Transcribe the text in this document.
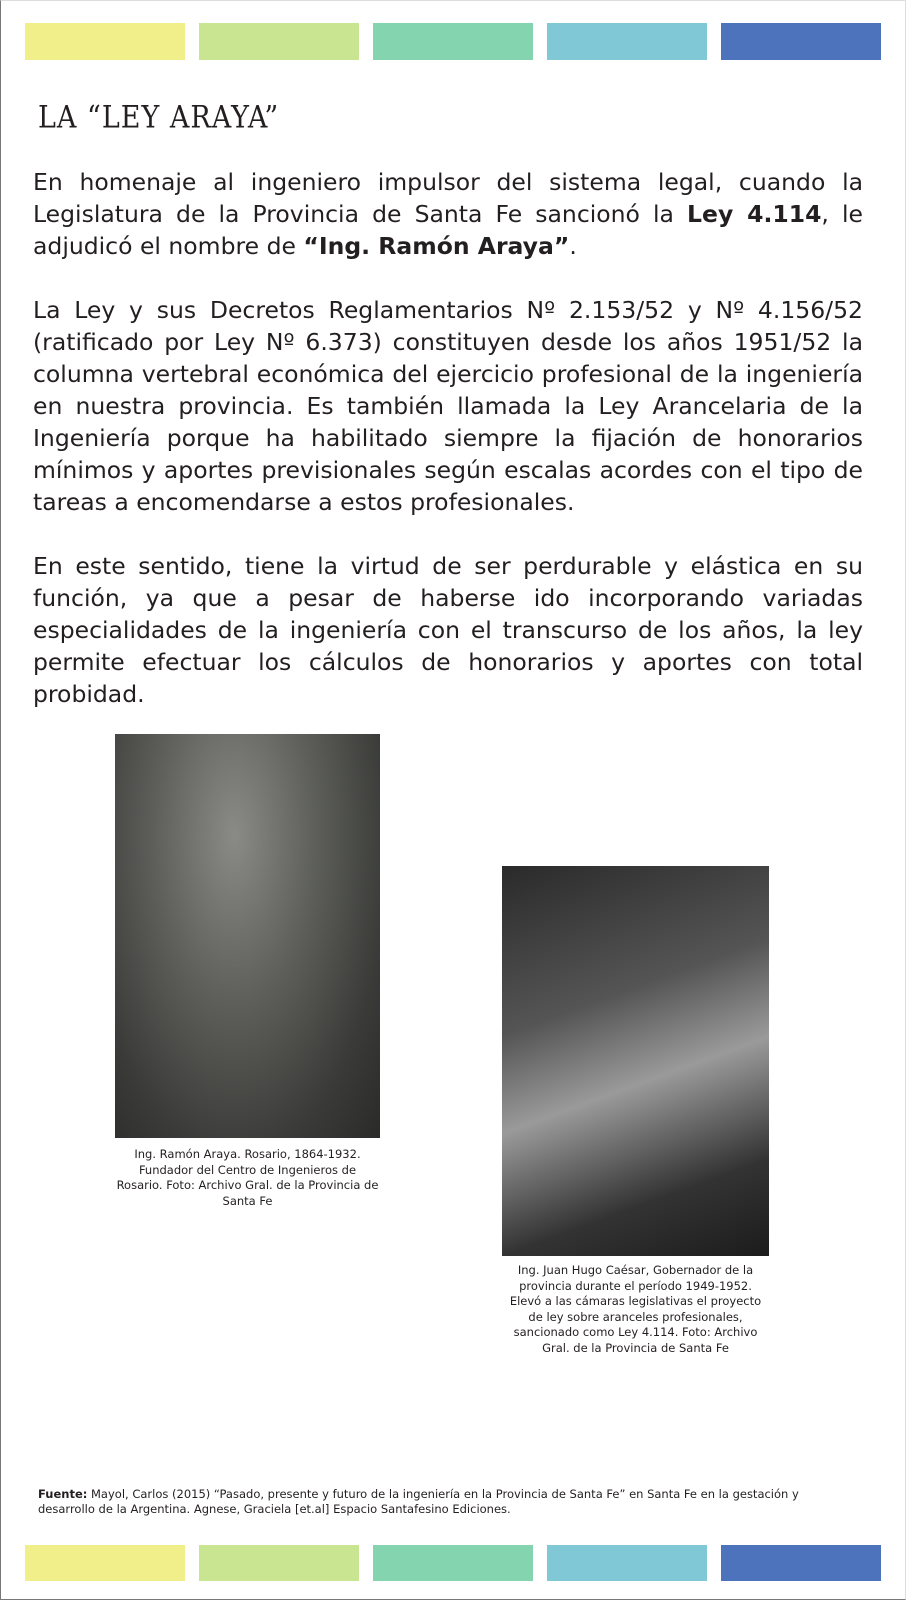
LA “LEY ARAYA”

En homenaje al ingeniero impulsor del sistema legal, cuando la Legislatura de la Provincia de Santa Fe sancionó la Ley 4.114, le adjudicó el nombre de “Ing. Ramón Araya”.

La Ley y sus Decretos Reglamentarios Nº 2.153/52 y Nº 4.156/52 (ratificado por Ley Nº 6.373) constituyen desde los años 1951/52 la columna vertebral económica del ejercicio profesional de la ingeniería en nuestra provincia. Es también llamada la Ley Arancelaria de la Ingeniería porque ha habilitado siempre la fijación de honorarios mínimos y aportes previsionales según escalas acordes con el tipo de tareas a encomendarse a estos profesionales.

En este sentido, tiene la virtud de ser perdurable y elástica en su función, ya que a pesar de haberse ido incorporando variadas especialidades de la ingeniería con el transcurso de los años, la ley permite efectuar los cálculos de honorarios y aportes con total probidad.

Ing. Ramón Araya. Rosario, 1864-1932. Fundador del Centro de Ingenieros de Rosario. Foto: Archivo Gral. de la Provincia de Santa Fe
Ing. Juan Hugo Caésar, Gobernador de la provincia durante el período 1949-1952. Elevó a las cámaras legislativas el proyecto de ley sobre aranceles profesionales, sancionado como Ley 4.114. Foto: Archivo Gral. de la Provincia de Santa Fe
Fuente: Mayol, Carlos (2015) “Pasado, presente y futuro de la ingeniería en la Provincia de Santa Fe” en Santa Fe en la gestación y desarrollo de la Argentina. Agnese, Graciela [et.al] Espacio Santafesino Ediciones.
